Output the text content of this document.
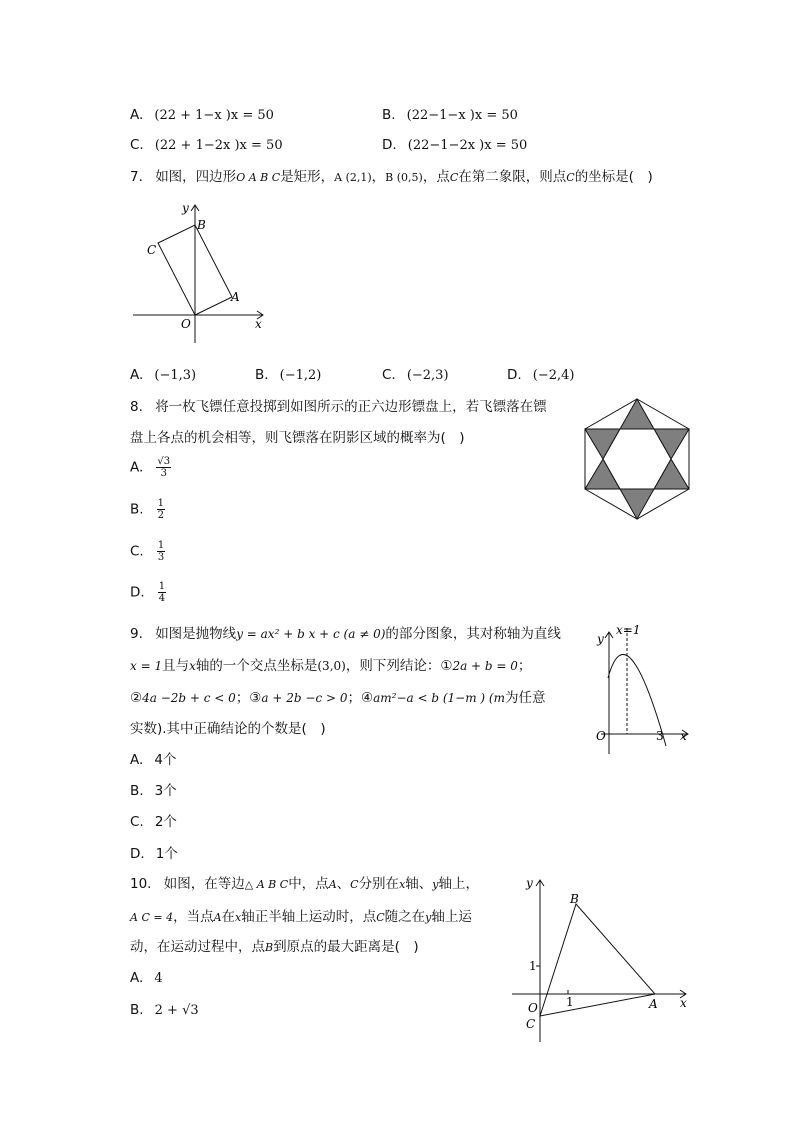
A. (22 + 1−x )x = 50	B. (22−1−x )x = 50
C. (22 + 1−2x )x = 50	D. (22−1−2x )x = 50
7. 如图，四边形O A B C是矩形，A (2,1)，B (0,5)，点C在第二象限，则点C的坐标是(　)
y
x
O
A
B
C
A. (−1,3)	B. (−1,2)	C. (−2,3)	D. (−2,4)
8. 将一枚飞镖任意投掷到如图所示的正六边形镖盘上，若飞镖落在镖
盘上各点的机会相等，则飞镖落在阴影区域的概率为(　)
A. $\frac{√3}{3}$
B. $\frac{1}{2}$
C. $\frac{1}{3}$
D. $\frac{1}{4}$
9. 如图是抛物线y = ax² + b x + c (a ≠ 0)的部分图象，其对称轴为直线
x = 1且与x轴的一个交点坐标是(3,0)，则下列结论：①2a + b = 0；
②4a −2b + c < 0；③a + 2b −c > 0；④am²−a < b (1−m ) (m为任意
实数).其中正确结论的个数是(　)
y
x=1
O	3 x
A. 4个
B. 3个
C. 2个
D. 1个
10. 如图，在等边△ A B C中，点A、C分别在x轴、y轴上，
A C = 4，当点A在x轴正半轴上运动时，点C随之在y轴上运
动，在运动过程中，点B到原点的最大距离是(　)
y
x
B
1
1
O	A
C
A. 4
B. 2 + √3
